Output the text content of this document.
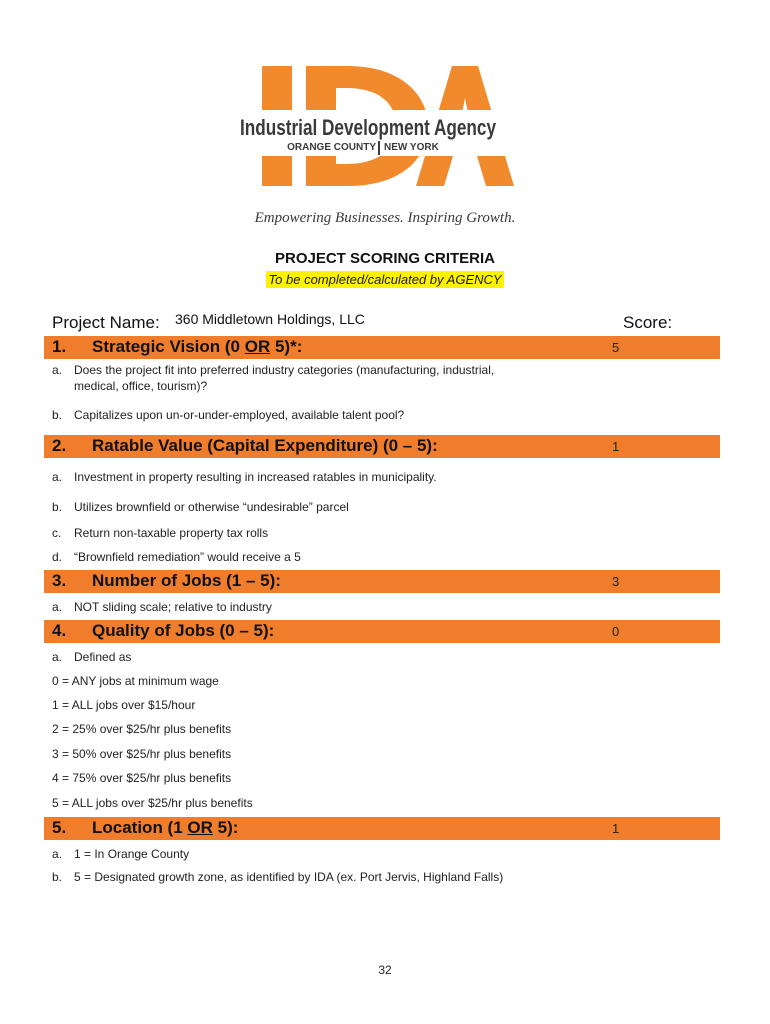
Industrial Development Agency
ORANGE COUNTY NEW YORK
Empowering Businesses. Inspiring Growth.
PROJECT SCORING CRITERIA
To be completed/calculated by AGENCY
Project Name: 360 Middletown Holdings, LLC	Score:
1. Strategic Vision (0 OR 5)*:	5
a. Does the project fit into preferred industry categories (manufacturing, industrial,
medical, office, tourism)?
b. Capitalizes upon un-or-under-employed, available talent pool?
2. Ratable Value (Capital Expenditure) (0 – 5):	1
a. Investment in property resulting in increased ratables in municipality.
b. Utilizes brownfield or otherwise “undesirable” parcel
c. Return non-taxable property tax rolls
d. “Brownfield remediation” would receive a 5
3. Number of Jobs (1 – 5):	3
a. NOT sliding scale; relative to industry
4. Quality of Jobs (0 – 5):	0
a. Defined as
0 = ANY jobs at minimum wage
1 = ALL jobs over $15/hour
2 = 25% over $25/hr plus benefits
3 = 50% over $25/hr plus benefits
4 = 75% over $25/hr plus benefits
5 = ALL jobs over $25/hr plus benefits
5. Location (1 OR 5):	1
a. 1 = In Orange County
b. 5 = Designated growth zone, as identified by IDA (ex. Port Jervis, Highland Falls)
32
